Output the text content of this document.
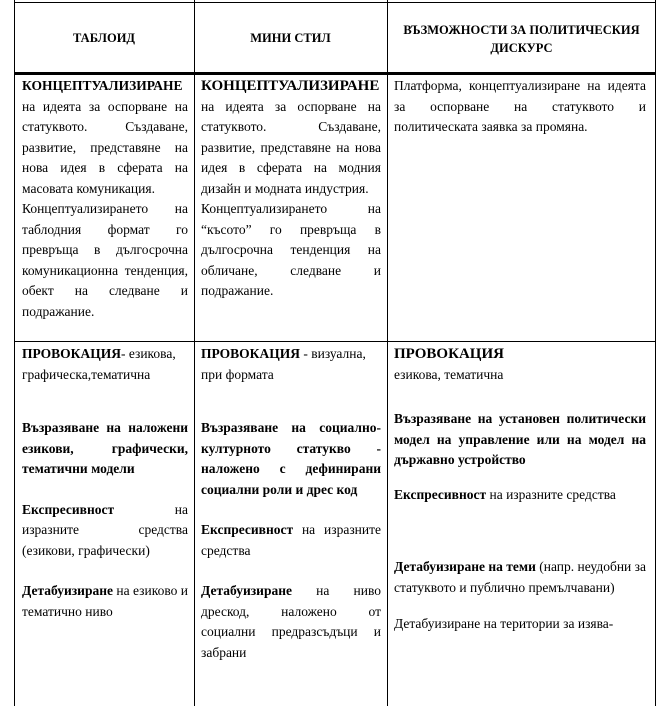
ТАБЛОИД	МИНИ СТИЛ
ВЪЗМОЖНОСТИ ЗА ПОЛИТИЧЕСКИЯ ДИСКУРС
КОНЦЕПТУАЛИЗИРАНЕ

на идеята за оспорване на статуквото. Създаване, развитие, представяне на нова идея в сферата на масовата комуникация.

Концептуализирането на таблодния формат го превръща в дългосрочна комуникационна тенденция, обект на следване и подражание.

КОНЦЕПТУАЛИЗИРАНЕ

на идеята за оспорване на статуквото. Създаване, развитие, представяне на нова идея в сферата на модния дизайн и модната индустрия.

Концептуализирането на “късото” го превръща в дългосрочна тенденция на обличане, следване и подражание.

Платформа, концептуализиране на идеята за оспорване на статуквото и политическата заявка за промяна.

ПРОВОКАЦИЯ- езикова, графическа,тематична

Възразяване на наложени езикови, графически, тематични модели

Експресивност на изразните средства (езикови, графически)

Детабуизиране на езиково и тематично ниво

ПРОВОКАЦИЯ - визуална, при формата

Възразяване на социално-културното статукво - наложено с дефинирани социални роли и дрес код

Експресивност на изразните средства

Детабуизиране на ниво дрескод, наложено от социални предразсъдъци и забрани

ПРОВОКАЦИЯ

езикова, тематична

Възразяване на установен политически модел на управление или на модел на държавно устройство

Експресивност на изразните средства

Детабуизиране на теми (напр. неудобни за статуквото и публично премълчавани)

Детабуизиране на територии за изява-
